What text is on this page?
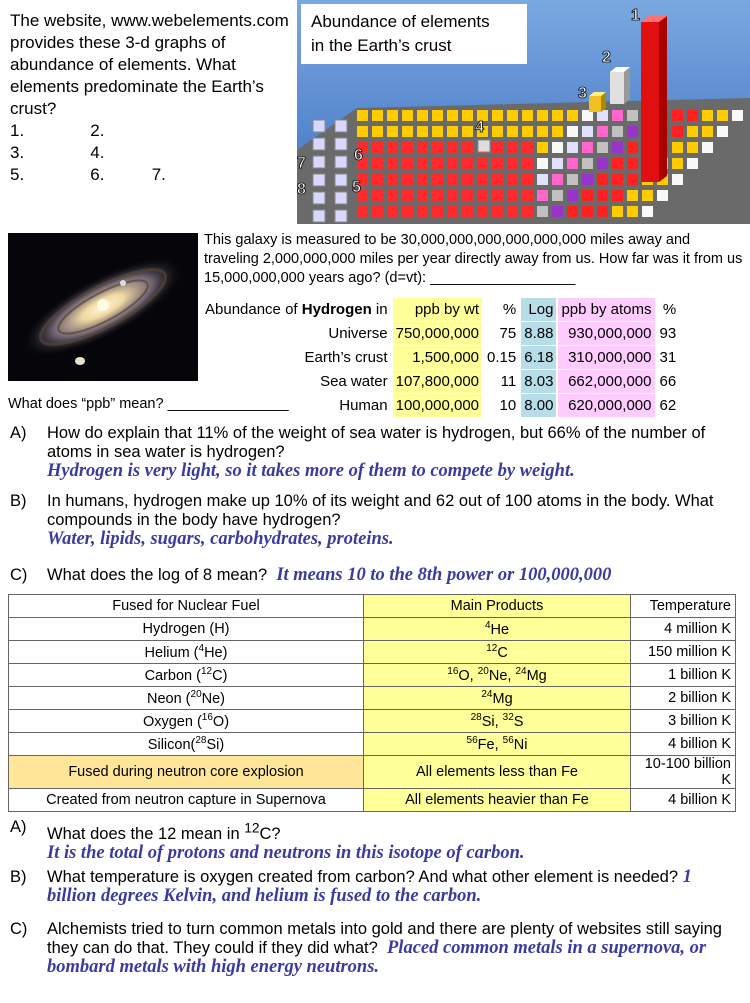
The website, www.webelements.com provides these 3-d graphs of abundance of elements. What elements predominate the Earth’s crust?
1.              2.
3.              4.
5.              6.          7.
1
2
3
4
5
6
7
8
Abundance of elements
in the Earth’s crust
This galaxy is measured to be 30,000,000,000,000,000,000 miles away and traveling 2,000,000,000 miles per year directly away from us. How far was it from us 15,000,000,000 years ago? (d=vt): __________________
Abundance of Hydrogen in	ppb by wt	%	Log	ppb by atoms	%
Universe	750,000,000	75	8.88	930,000,000	93
Earth’s crust	1,500,000	0.15	6.18	310,000,000	31
Sea water	107,800,000	11	8.03	662,000,000	66
Human	100,000,000	10	8.00	620,000,000	62
What does “ppb” mean? _______________
A) How do explain that 11% of the weight of sea water is hydrogen, but 66% of the number of atoms in sea water is hydrogen?
Hydrogen is very light, so it takes more of them to compete by weight.
B) In humans, hydrogen make up 10% of its weight and 62 out of 100 atoms in the body. What compounds in the body have hydrogen?
Water, lipids, sugars, carbohydrates, proteins.
C) What does the log of 8 mean? It means 10 to the 8th power or 100,000,000
Fused for Nuclear Fuel	Main Products	Temperature
Hydrogen (H)	$^4$He	4 million K
Helium ($^4$He)	$^{12}$C	150 million K
Carbon ($^{12}$C)	$^{16}$O, $^{20}$Ne, $^{24}$Mg	1 billion K
Neon ($^{20}$Ne)	$^{24}$Mg	2 billion K
Oxygen ($^{16}$O)	$^{28}$Si, $^{32}$S	3 billion K
Silicon($^{28}$Si)	$^{56}$Fe, $^{56}$Ni	4 billion K
Fused during neutron core explosion	All elements less than Fe	10-100 billion K
Created from neutron capture in Supernova	All elements heavier than Fe	4 billion K
A) What does the 12 mean in $^{12}$C?
It is the total of protons and neutrons in this isotope of carbon.
B) What temperature is oxygen created from carbon? And what other element is needed? 1 billion degrees Kelvin, and helium is fused to the carbon.
C) Alchemists tried to turn common metals into gold and there are plenty of websites still saying they can do that. They could if they did what? Placed common metals in a supernova, or bombard metals with high energy neutrons.
